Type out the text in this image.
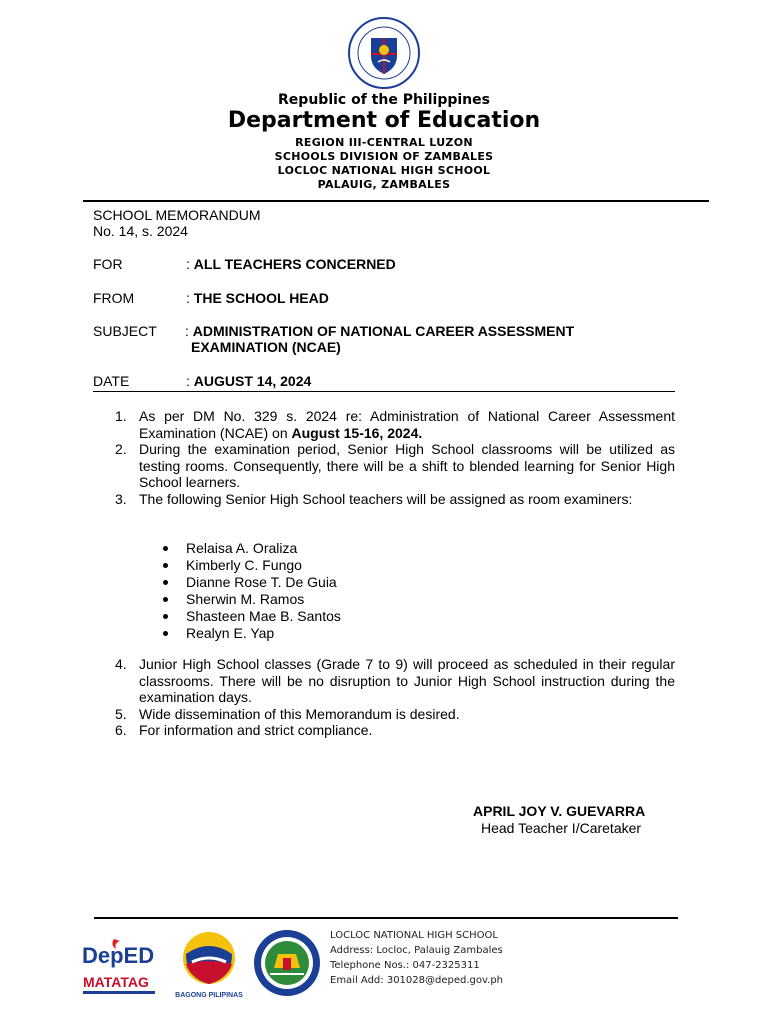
Republic of the Philippines
Department of Education
REGION III-CENTRAL LUZON
SCHOOLS DIVISION OF ZAMBALES
LOCLOC NATIONAL HIGH SCHOOL
PALAUIG, ZAMBALES
SCHOOL MEMORANDUM
No. 14, s. 2024
FOR	: ALL TEACHERS CONCERNED
FROM	: THE SCHOOL HEAD
SUBJECT : ADMINISTRATION OF NATIONAL CAREER ASSESSMENT
EXAMINATION (NCAE)
DATE	: AUGUST 14, 2024
1. As per DM No. 329 s. 2024 re: Administration of National Career Assessment Examination (NCAE) on August 15-16, 2024.
2. During the examination period, Senior High School classrooms will be utilized as testing rooms. Consequently, there will be a shift to blended learning for Senior High School learners.
3. The following Senior High School teachers will be assigned as room examiners:
Relaisa A. Oraliza
Kimberly C. Fungo
Dianne Rose T. De Guia
Sherwin M. Ramos
Shasteen Mae B. Santos
Realyn E. Yap
4. Junior High School classes (Grade 7 to 9) will proceed as scheduled in their regular classrooms. There will be no disruption to Junior High School instruction during the examination days.
5. Wide dissemination of this Memorandum is desired.
6. For information and strict compliance.
APRIL JOY V. GUEVARRA
Head Teacher I/Caretaker
DepED
MATATAG
BAGONG PILIPINAS
LOCLOC NATIONAL HIGH SCHOOL
Address: Locloc, Palauig Zambales
Telephone Nos.: 047-2325311
Email Add: 301028@deped.gov.ph
